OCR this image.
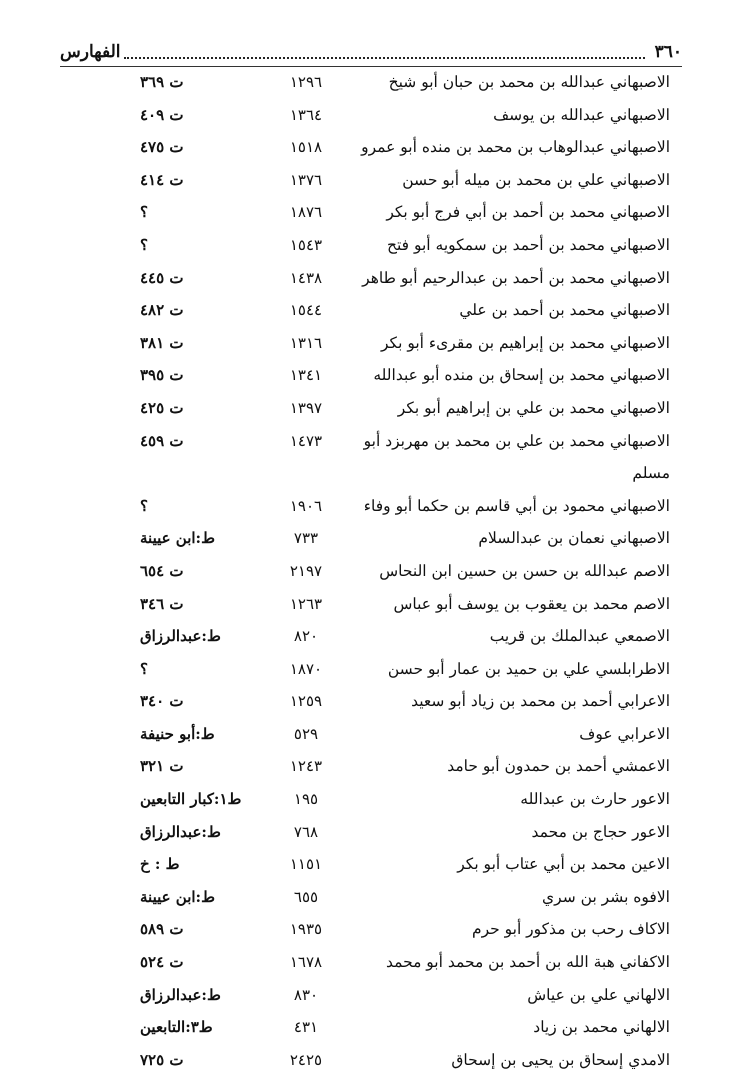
٣٦٠
الفهارس
الاصبهاني عبدالله بن محمد بن حبان أبو شيخ
١٢٩٦
ت ٣٦٩
الاصبهاني عبدالله بن يوسف
١٣٦٤
ت ٤٠٩
الاصبهاني عبدالوهاب بن محمد بن منده أبو عمرو
١٥١٨
ت ٤٧٥
الاصبهاني علي بن محمد بن ميله أبو حسن
١٣٧٦
ت ٤١٤
الاصبهاني محمد بن أحمد بن أبي فرج أبو بكر
١٨٧٦
؟
الاصبهاني محمد بن أحمد بن سمكويه أبو فتح
١٥٤٣
؟
الاصبهاني محمد بن أحمد بن عبدالرحيم أبو طاهر
١٤٣٨
ت ٤٤٥
الاصبهاني محمد بن أحمد بن علي
١٥٤٤
ت ٤٨٢
الاصبهاني محمد بن إبراهيم بن مقرىء أبو بكر
١٣١٦
ت ٣٨١
الاصبهاني محمد بن إسحاق بن منده أبو عبدالله
١٣٤١
ت ٣٩٥
الاصبهاني محمد بن علي بن إبراهيم أبو بكر
١٣٩٧
ت ٤٢٥
الاصبهاني محمد بن علي بن محمد بن مهربزد أبو
١٤٧٣
ت ٤٥٩
مسلم
الاصبهاني محمود بن أبي قاسم بن حكما أبو وفاء
١٩٠٦
؟
الاصبهاني نعمان بن عبدالسلام
٧٣٣
ط:ابن عيينة
الاصم عبدالله بن حسن بن حسين ابن النحاس
٢١٩٧
ت ٦٥٤
الاصم محمد بن يعقوب بن يوسف أبو عباس
١٢٦٣
ت ٣٤٦
الاصمعي عبدالملك بن قريب
٨٢٠
ط:عبدالرزاق
الاطرابلسي علي بن حميد بن عمار أبو حسن
١٨٧٠
؟
الاعرابي أحمد بن محمد بن زياد أبو سعيد
١٢٥٩
ت ٣٤٠
الاعرابي عوف
٥٢٩
ط:أبو حنيفة
الاعمشي أحمد بن حمدون أبو حامد
١٢٤٣
ت ٣٢١
الاعور حارث بن عبدالله
١٩٥
ط١:كبار التابعين
الاعور حجاج بن محمد
٧٦٨
ط:عبدالرزاق
الاعين محمد بن أبي عتاب أبو بكر
١١٥١
ط : خ
الافوه بشر بن سري
٦٥٥
ط:ابن عيينة
الاكاف رحب بن مذكور أبو حرم
١٩٣٥
ت ٥٨٩
الاكفاني هبة الله بن أحمد بن محمد أبو محمد
١٦٧٨
ت ٥٢٤
الالهاني علي بن عياش
٨٣٠
ط:عبدالرزاق
الالهاني محمد بن زياد
٤٣١
ط٣:التابعين
الامدي إسحاق بن يحيى بن إسحاق
٢٤٢٥
ت ٧٢٥
